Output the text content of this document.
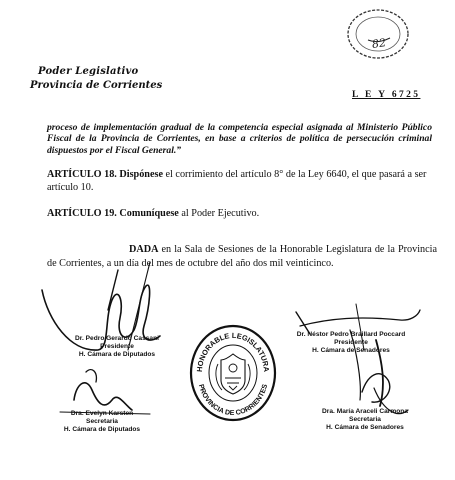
82
Poder Legislativo
Provincia de Corrientes
L E Y 6725
proceso de implementación gradual de la competencia especial asignada al Ministerio Público Fiscal de la Provincia de Corrientes, en base a criterios de política de persecución criminal dispuestos por el Fiscal General.”
ARTÍCULO 18. Dispónese el corrimiento del artículo 8° de la Ley 6640, el que pasará a ser artículo 10.
ARTÍCULO 19. Comuníquese al Poder Ejecutivo.
DADA en la Sala de Sesiones de la Honorable Legislatura de la Provincia de Corrientes, a un día del mes de octubre del año dos mil veinticinco.
Dr. Pedro Gerardo Cassani
Presidente
H. Cámara de Diputados
Dr. Néstor Pedro Braillard Poccard
Presidente
H. Cámara de Senadores
Dra. Evelyn Karsten
Secretaria
H. Cámara de Diputados
Dra. María Araceli Carmona
Secretaria
H. Cámara de Senadores
HONORABLE LEGISLATURA
PROVINCIA DE CORRIENTES
